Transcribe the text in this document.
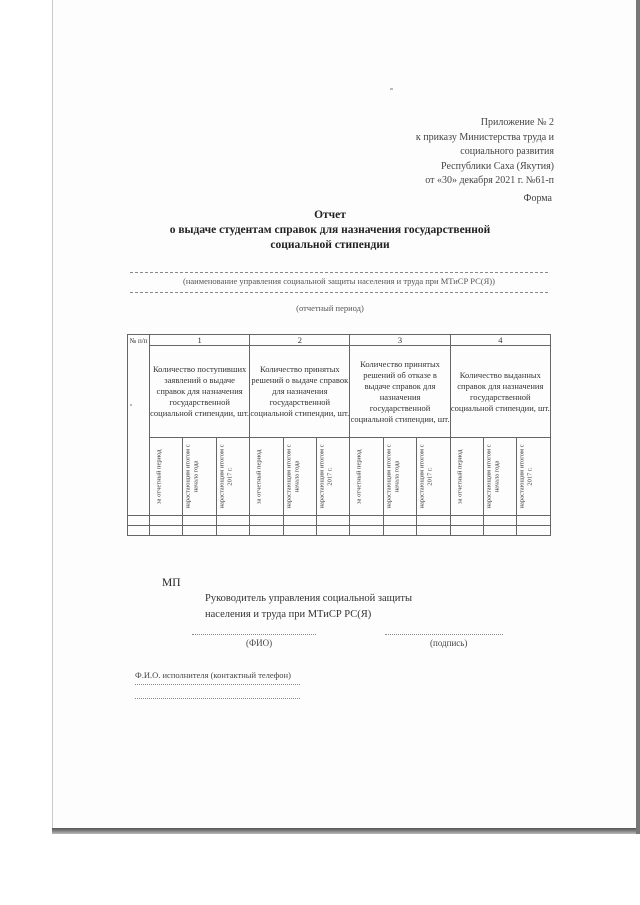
Приложение № 2
к приказу Министерства труда и
социального развития
Республики Саха (Якутия)
от «30» декабря 2021 г. №61-п
Форма
Отчет
о выдаче студентам справок для назначения государственной
социальной стипендии
(наименование управления социальной защиты населения и труда при МТиСР РС(Я))
(отчетный период)
№ п/п	1			2			3			4		
	Количество поступивших заявлений о выдаче справок для назначения государственной социальной стипендии, шт.			Количество принятых решений о выдаче справок для назначения государственной социальной стипендии, шт.			Количество принятых решений об отказе в выдаче справок для назначения государственной социальной стипендии, шт.			Количество выданных справок для назначения государственной социальной стипендии, шт.		

	за отчетный период	нарастающим итогом с начала года	нарастающим итогом с 2017 г.	за отчетный период	нарастающим итогом с начала года	нарастающим итогом с 2017 г.	за отчетный период	нарастающим итогом с начала года	нарастающим итогом с 2017 г.	за отчетный период	нарастающим итогом с начала года	нарастающим итогом с 2017 г.

МП
Руководитель управления социальной защиты
населения и труда при МТиСР РС(Я)
(ФИО)	(подпись)
Ф.И.О. исполнителя (контактный телефон)
